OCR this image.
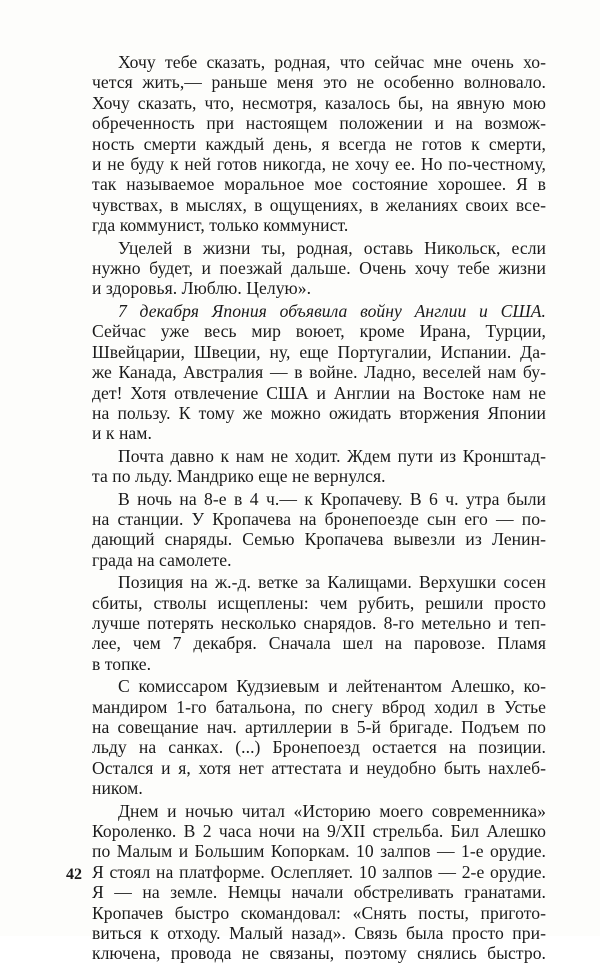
Хочу тебе сказать, родная, что сейчас мне очень хо-
чется жить,— раньше меня это не особенно волновало.
Хочу сказать, что, несмотря, казалось бы, на явную мою
обреченность при настоящем положении и на возмож-
ность смерти каждый день, я всегда не готов к смерти,
и не буду к ней готов никогда, не хочу ее. Но по-честному,
так называемое моральное мое состояние хорошее. Я в
чувствах, в мыслях, в ощущениях, в желаниях своих все-
гда коммунист, только коммунист.
Уцелей в жизни ты, родная, оставь Никольск, если
нужно будет, и поезжай дальше. Очень хочу тебе жизни
и здоровья. Люблю. Целую».
7 декабря Япония объявила войну Англии и США.
Сейчас уже весь мир воюет, кроме Ирана, Турции,
Швейцарии, Швеции, ну, еще Португалии, Испании. Да-
же Канада, Австралия — в войне. Ладно, веселей нам бу-
дет! Хотя отвлечение США и Англии на Востоке нам не
на пользу. К тому же можно ожидать вторжения Японии
и к нам.
Почта давно к нам не ходит. Ждем пути из Кронштад-
та по льду. Мандрико еще не вернулся.
В ночь на 8-е в 4 ч.— к Кропачеву. В 6 ч. утра были
на станции. У Кропачева на бронепоезде сын его — по-
дающий снаряды. Семью Кропачева вывезли из Ленин-
града на самолете.
Позиция на ж.-д. ветке за Калищами. Верхушки сосен
сбиты, стволы исщеплены: чем рубить, решили просто
лучше потерять несколько снарядов. 8-го метельно и теп-
лее, чем 7 декабря. Сначала шел на паровозе. Пламя
в топке.
С комиссаром Кудзиевым и лейтенантом Алешко, ко-
мандиром 1-го батальона, по снегу вброд ходил в Устье
на совещание нач. артиллерии в 5-й бригаде. Подъем по
льду на санках. (...) Бронепоезд остается на позиции.
Остался и я, хотя нет аттестата и неудобно быть нахлеб-
ником.
Днем и ночью читал «Историю моего современника»
Короленко. В 2 часа ночи на 9/XII стрельба. Бил Алешко
по Малым и Большим Копоркам. 10 залпов — 1-е орудие.
Я стоял на платформе. Ослепляет. 10 залпов — 2-е орудие.
Я — на земле. Немцы начали обстреливать гранатами.
Кропачев быстро скомандовал: «Снять посты, пригото-
виться к отходу. Малый назад». Связь была просто при-
ключена, провода не связаны, поэтому снялись быстро.
42
